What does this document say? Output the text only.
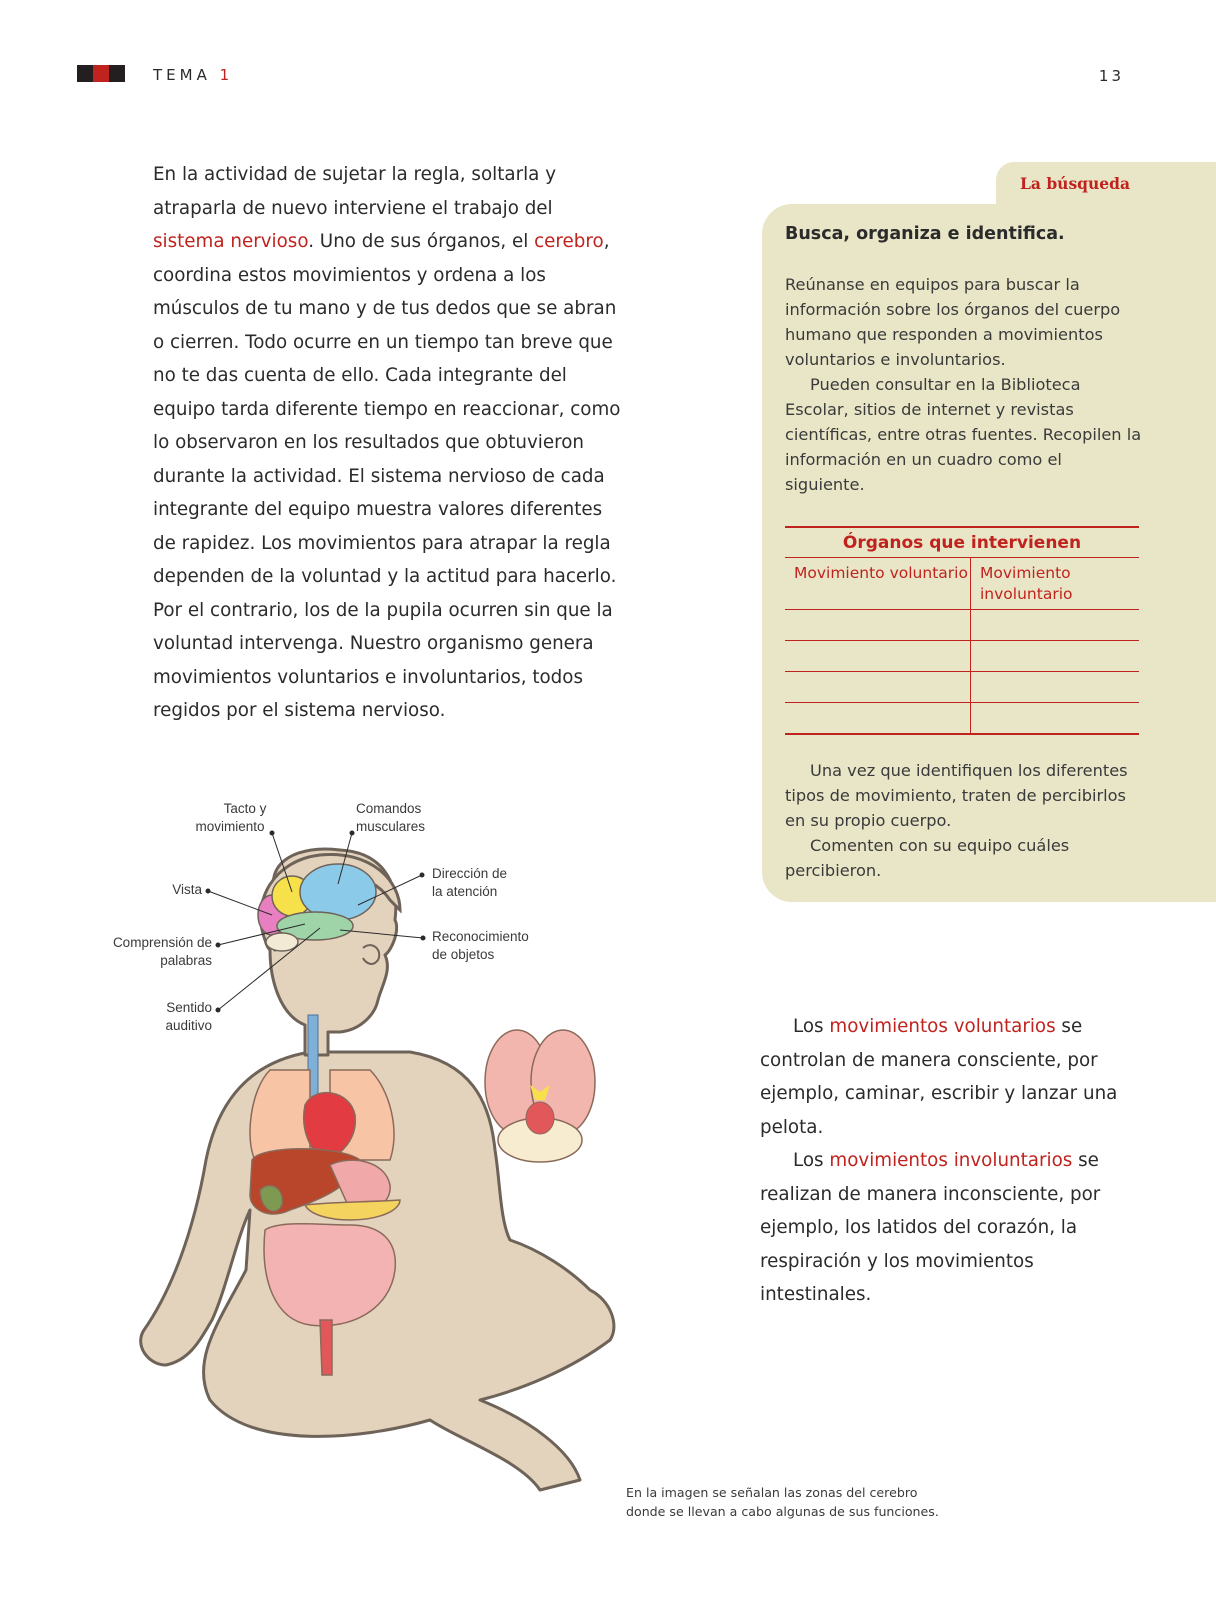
TEMA 1	13

En la actividad de sujetar la regla, soltarla y atraparla de nuevo interviene el trabajo del sistema nervioso. Uno de sus órganos, el cerebro, coordina estos movimientos y ordena a los músculos de tu mano y de tus dedos que se abran o cierren. Todo ocurre en un tiempo tan breve que no te das cuenta de ello. Cada integrante del equipo tarda diferente tiempo en reaccionar, como lo observaron en los resultados que obtuvieron durante la actividad. El sistema nervioso de cada integrante del equipo muestra valores diferentes de rapidez. Los movimientos para atrapar la regla dependen de la voluntad y la actitud para hacerlo. Por el contrario, los de la pupila ocurren sin que la voluntad intervenga. Nuestro organismo genera movimientos voluntarios e involuntarios, todos regidos por el sistema nervioso.

La búsqueda
Busca, organiza e identifica.

Reúnanse en equipos para buscar la información sobre los órganos del cuerpo humano que responden a movimientos voluntarios e involuntarios.

Pueden consultar en la Biblioteca Escolar, sitios de internet y revistas científicas, entre otras fuentes. Recopilen la información en un cuadro como el siguiente.

Órganos que intervienen	
Movimiento voluntario	Movimiento involuntario

Una vez que identifiquen los diferentes tipos de movimiento, traten de percibirlos en su propio cuerpo.

Comenten con su equipo cuáles percibieron.

Los movimientos voluntarios se controlan de manera consciente, por ejemplo, caminar, escribir y lanzar una pelota.
Los movimientos involuntarios se realizan de manera inconsciente, por ejemplo, los latidos del corazón, la respiración y los movimientos intestinales.

Tacto y
movimiento
Comandos
musculares
Vista
Dirección de
la atención
Comprensión de
palabras
Reconocimiento
de objetos
Sentido
auditivo

En la imagen se señalan las zonas del cerebro
donde se llevan a cabo algunas de sus funciones.
